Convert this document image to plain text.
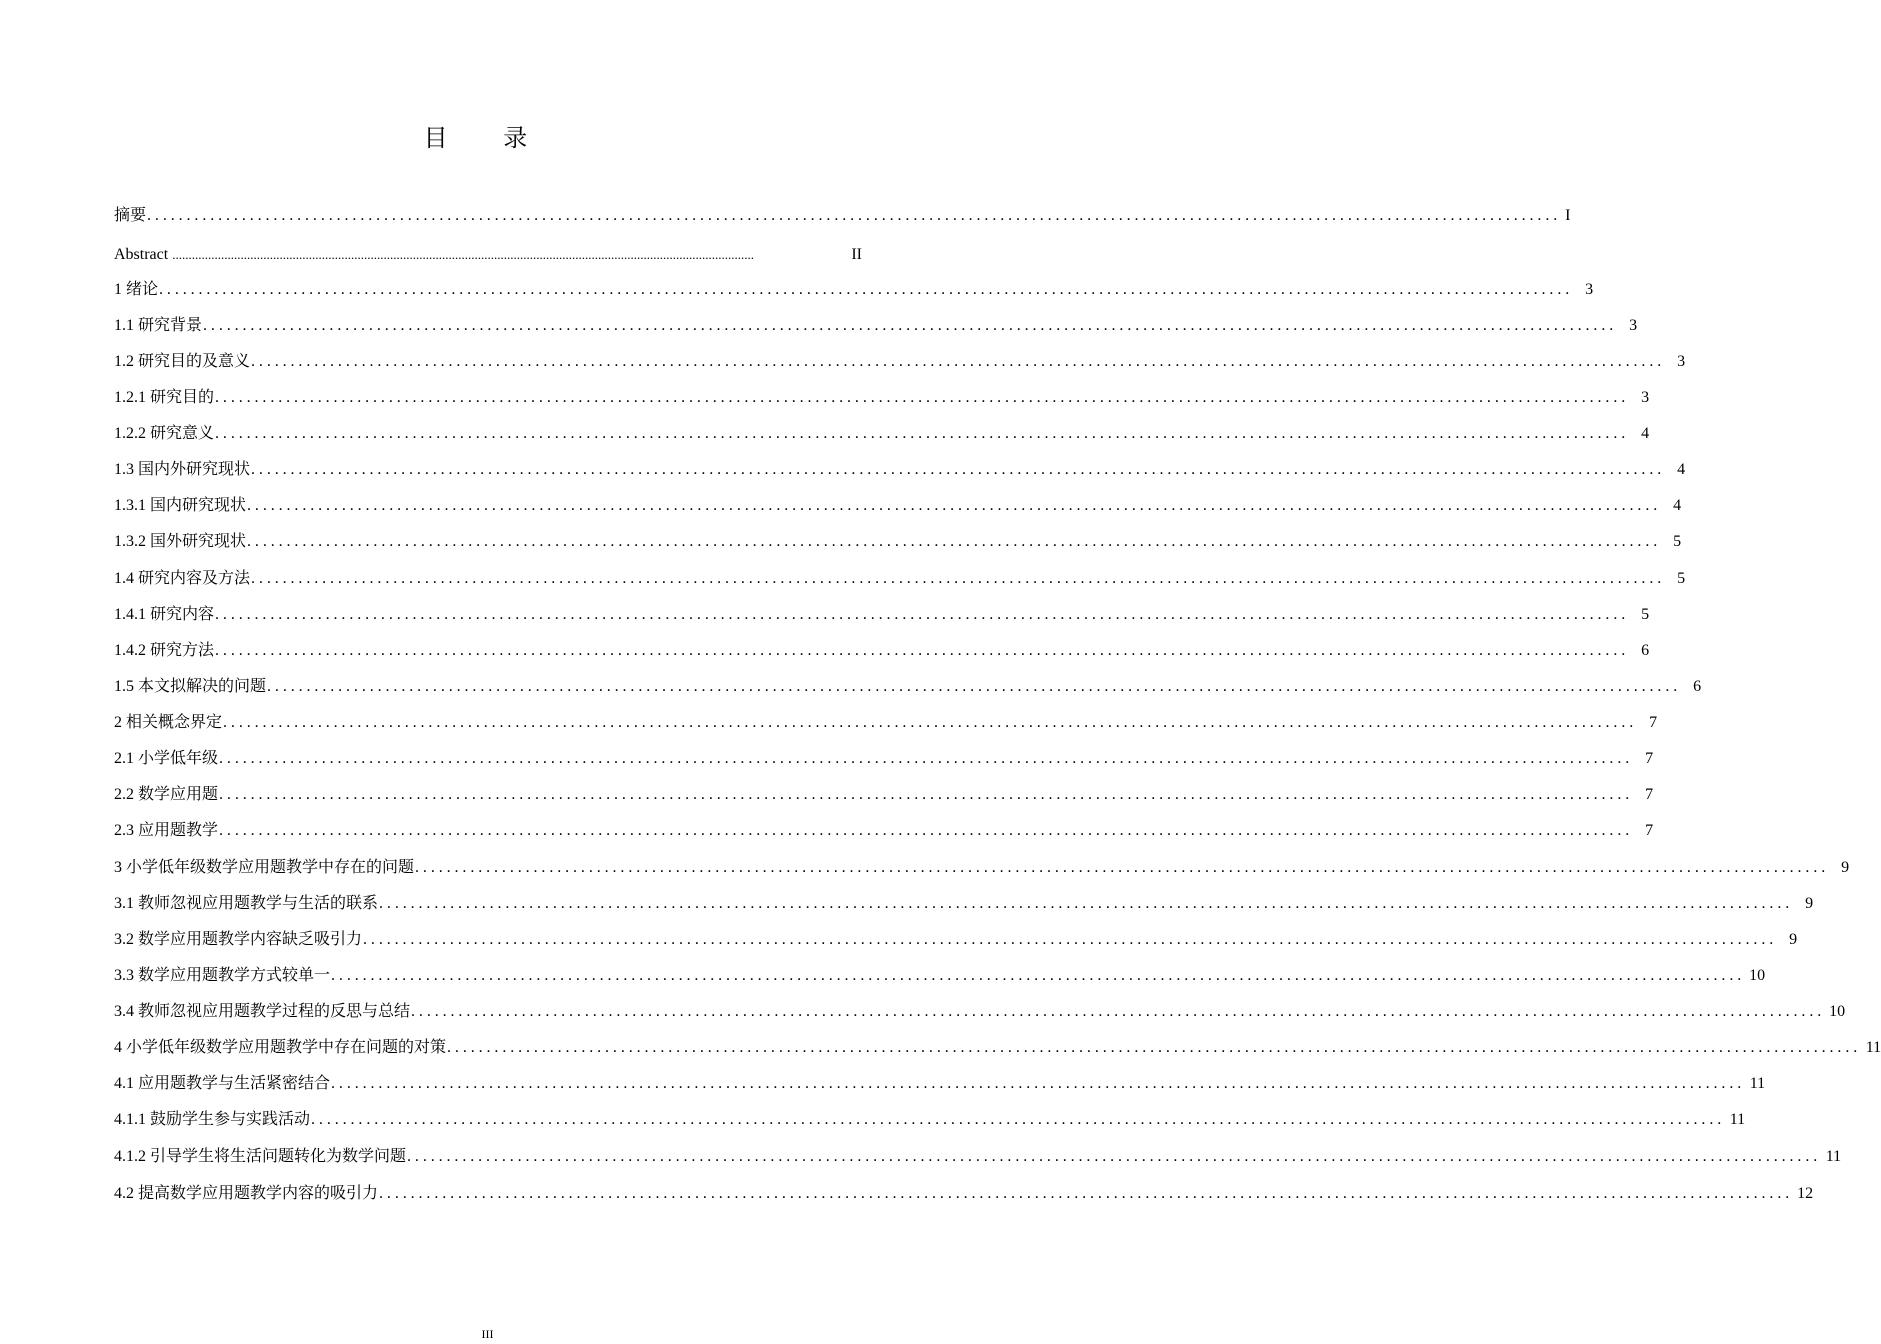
目 录
摘要 ................................................................................................................................................................................... I
Abstract ...................................................................................................................................................................................	II
1 绪论 ................................................................................................................................................................................... 3
1.1 研究背景 ................................................................................................................................................................................... 3
1.2 研究目的及意义 ................................................................................................................................................................................... 3
1.2.1 研究目的 ................................................................................................................................................................................... 3
1.2.2 研究意义 ................................................................................................................................................................................... 4
1.3 国内外研究现状 ................................................................................................................................................................................... 4
1.3.1 国内研究现状 ................................................................................................................................................................................... 4
1.3.2 国外研究现状 ................................................................................................................................................................................... 5
1.4 研究内容及方法 ................................................................................................................................................................................... 5
1.4.1 研究内容 ................................................................................................................................................................................... 5
1.4.2 研究方法 ................................................................................................................................................................................... 6
1.5 本文拟解决的问题 ................................................................................................................................................................................... 6
2 相关概念界定 ................................................................................................................................................................................... 7
2.1 小学低年级 ................................................................................................................................................................................... 7
2.2 数学应用题 ................................................................................................................................................................................... 7
2.3 应用题教学 ................................................................................................................................................................................... 7
3 小学低年级数学应用题教学中存在的问题 ................................................................................................................................................................................... 9
3.1 教师忽视应用题教学与生活的联系 ................................................................................................................................................................................... 9
3.2 数学应用题教学内容缺乏吸引力 ................................................................................................................................................................................... 9
3.3 数学应用题教学方式较单一 ................................................................................................................................................................................... 10
3.4 教师忽视应用题教学过程的反思与总结 ................................................................................................................................................................................... 10
4 小学低年级数学应用题教学中存在问题的对策 ................................................................................................................................................................................... 11
4.1 应用题教学与生活紧密结合 ................................................................................................................................................................................... 11
4.1.1 鼓励学生参与实践活动 ................................................................................................................................................................................... 11
4.1.2 引导学生将生活问题转化为数学问题 ................................................................................................................................................................................... 11
4.2 提高数学应用题教学内容的吸引力 ................................................................................................................................................................................... 12
III
